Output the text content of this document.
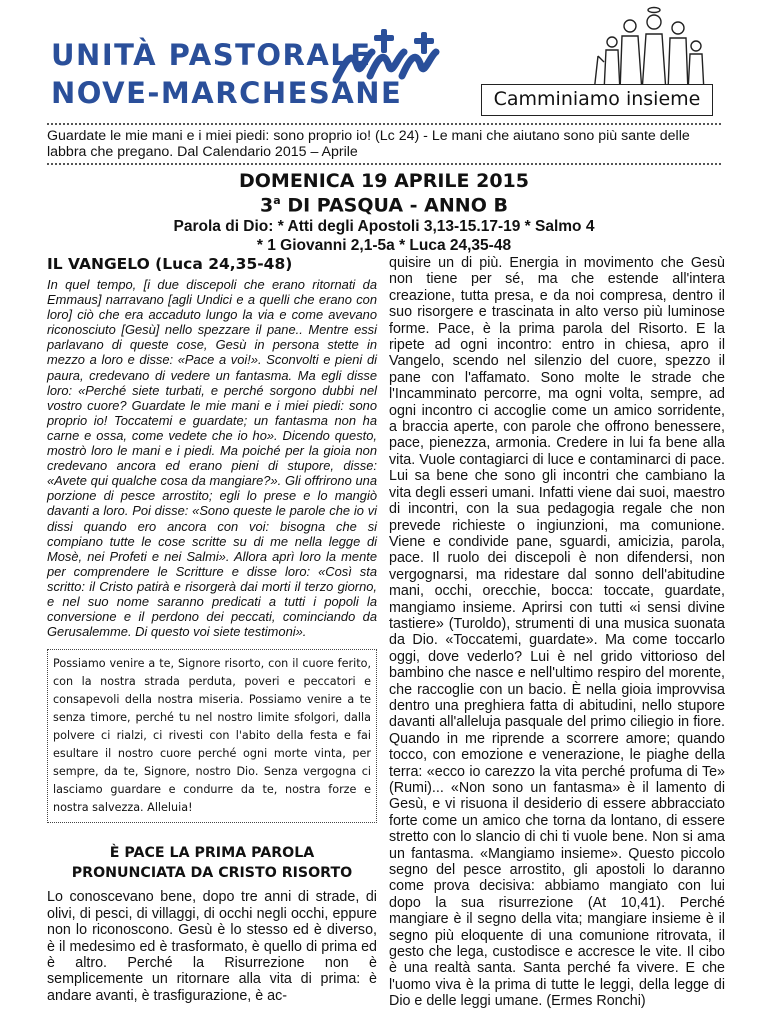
UNITÀ PASTORALE
NOVE-MARCHESANE	Camminiamo insieme
Guardate le mie mani e i miei piedi: sono proprio io! (Lc 24) - Le mani che aiutano sono più sante delle labbra che pregano. Dal Calendario 2015 – Aprile
DOMENICA 19 APRILE 2015
3$^a$ DI PASQUA - ANNO B
Parola di Dio: * Atti degli Apostoli 3,13-15.17-19 * Salmo 4
* 1 Giovanni 2,1-5a * Luca 24,35-48
IL VANGELO (Luca 24,35-48)
In quel tempo, [i due discepoli che erano ritornati da Emmaus] narravano [agli Undici e a quelli che erano con loro] ciò che era accaduto lungo la via e come avevano riconosciuto [Gesù] nello spezzare il pane.. Mentre essi parlavano di queste cose, Gesù in persona stette in mezzo a loro e disse: «Pace a voi!». Sconvolti e pieni di paura, credevano di vedere un fantasma. Ma egli disse loro: «Perché siete turbati, e perché sorgono dubbi nel vostro cuore? Guardate le mie mani e i miei piedi: sono proprio io! Toccatemi e guardate; un fantasma non ha carne e ossa, come vedete che io ho». Dicendo questo, mostrò loro le mani e i piedi. Ma poiché per la gioia non credevano ancora ed erano pieni di stupore, disse: «Avete qui qualche cosa da mangiare?». Gli offrirono una porzione di pesce arrostito; egli lo prese e lo mangiò davanti a loro. Poi disse: «Sono queste le parole che io vi dissi quando ero ancora con voi: bisogna che si compiano tutte le cose scritte su di me nella legge di Mosè, nei Profeti e nei Salmi». Allora aprì loro la mente per comprendere le Scritture e disse loro: «Così sta scritto: il Cristo patirà e risorgerà dai morti il terzo giorno, e nel suo nome saranno predicati a tutti i popoli la conversione e il perdono dei peccati, cominciando da Gerusalemme. Di questo voi siete testimoni».
Possiamo venire a te, Signore risorto, con il cuore ferito, con la nostra strada perduta, poveri e peccatori e consapevoli della nostra miseria. Possiamo venire a te senza timore, perché tu nel nostro limite sfolgori, dalla polvere ci rialzi, ci rivesti con l'abito della festa e fai esultare il nostro cuore perché ogni morte vinta, per sempre, da te, Signore, nostro Dio. Senza vergogna ci lasciamo guardare e condurre da te, nostra forze e nostra salvezza. Alleluia!
È PACE LA PRIMA PAROLA
PRONUNCIATA DA CRISTO RISORTO
Lo conoscevano bene, dopo tre anni di strade, di olivi, di pesci, di villaggi, di occhi negli occhi, eppure non lo riconoscono. Gesù è lo stesso ed è diverso, è il medesimo ed è trasformato, è quello di prima ed è altro. Perché la Risurrezione non è semplicemente un ritornare alla vita di prima: è andare avanti, è trasfigurazione, è ac-

quisire un di più. Energia in movimento che Gesù non tiene per sé, ma che estende all'intera creazione, tutta presa, e da noi compresa, dentro il suo risorgere e trascinata in alto verso più luminose forme. Pace, è la prima parola del Risorto. E la ripete ad ogni incontro: entro in chiesa, apro il Vangelo, scendo nel silenzio del cuore, spezzo il pane con l'affamato. Sono molte le strade che l'Incamminato percorre, ma ogni volta, sempre, ad ogni incontro ci accoglie come un amico sorridente, a braccia aperte, con parole che offrono benessere, pace, pienezza, armonia. Credere in lui fa bene alla vita. Vuole contagiarci di luce e contaminarci di pace. Lui sa bene che sono gli incontri che cambiano la vita degli esseri umani. Infatti viene dai suoi, maestro di incontri, con la sua pedagogia regale che non prevede richieste o ingiunzioni, ma comunione. Viene e condivide pane, sguardi, amicizia, parola, pace. Il ruolo dei discepoli è non difendersi, non vergognarsi, ma ridestare dal sonno dell'abitudine mani, occhi, orecchie, bocca: toccate, guardate, mangiamo insieme. Aprirsi con tutti «i sensi divine tastiere» (Turoldo), strumenti di una musica suonata da Dio. «Toccatemi, guardate». Ma come toccarlo oggi, dove vederlo? Lui è nel grido vittorioso del bambino che nasce e nell'ultimo respiro del morente, che raccoglie con un bacio. È nella gioia improvvisa dentro una preghiera fatta di abitudini, nello stupore davanti all'alleluja pasquale del primo ciliegio in fiore. Quando in me riprende a scorrere amore; quando tocco, con emozione e venerazione, le piaghe della terra: «ecco io carezzo la vita perché profuma di Te» (Rumi)... «Non sono un fantasma» è il lamento di Gesù, e vi risuona il desiderio di essere abbracciato forte come un amico che torna da lontano, di essere stretto con lo slancio di chi ti vuole bene. Non si ama un fantasma. «Mangiamo insieme». Questo piccolo segno del pesce arrostito, gli apostoli lo daranno come prova decisiva: abbiamo mangiato con lui dopo la sua risurrezione (At 10,41). Perché mangiare è il segno della vita; mangiare insieme è il segno più eloquente di una comunione ritrovata, il gesto che lega, custodisce e accresce le vite. Il cibo è una realtà santa. Santa perché fa vivere. E che l'uomo viva è la prima di tutte le leggi, della legge di Dio e delle leggi umane. (Ermes Ronchi)
